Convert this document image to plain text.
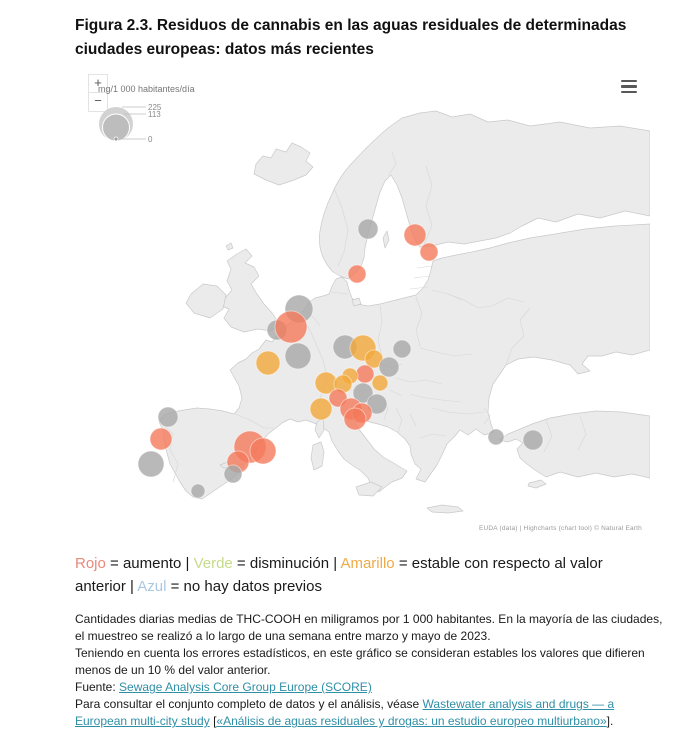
Figura 2.3. Residuos de cannabis en las aguas residuales de determinadas ciudades europeas: datos más recientes
+
−
mg/1 000 habitantes/día
225
113
0
EUDA (data) | Highcharts (chart tool) © Natural Earth
Rojo = aumento | Verde = disminución | Amarillo = estable con respecto al valor anterior | Azul = no hay datos previos

Cantidades diarias medias de THC-COOH en miligramos por 1 000 habitantes. En la mayoría de las ciudades, el muestreo se realizó a lo largo de una semana entre marzo y mayo de 2023.

Teniendo en cuenta los errores estadísticos, en este gráfico se consideran estables los valores que difieren menos de un 10 % del valor anterior.

Fuente: Sewage Analysis Core Group Europe (SCORE)

Para consultar el conjunto completo de datos y el análisis, véase Wastewater analysis and drugs — a European multi-city study [«Análisis de aguas residuales y drogas: un estudio europeo multiurbano»].
